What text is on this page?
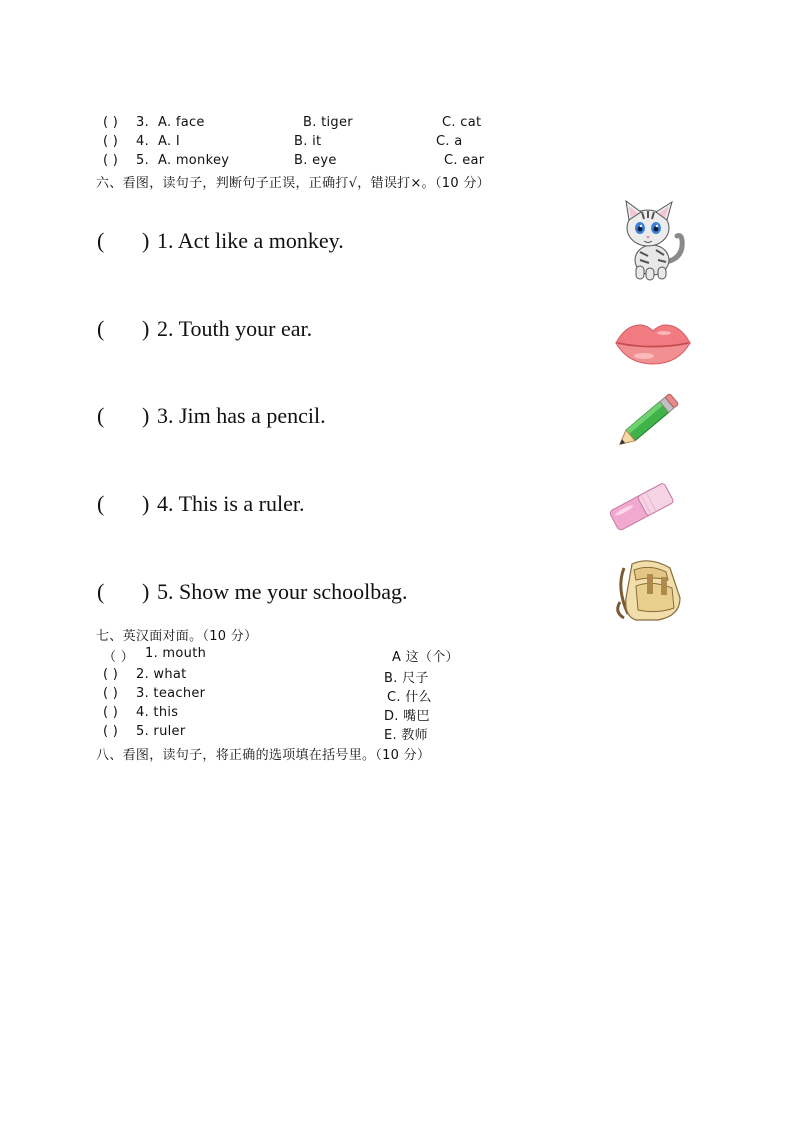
( ) 3. A. face	B. tiger	C. cat
( ) 4. A. I	B. it	C. a
( ) 5. A. monkey	B. eye	C. ear
六、看图，读句子，判断句子正误，正确打√，错误打×。（10 分）
( ) 1. Act like a monkey.
( ) 2. Touth your ear.
( ) 3. Jim has a pencil.
( ) 4. This is a ruler.
( ) 5. Show me your schoolbag.
七、英汉面对面。（10 分）
（ ） 1. mouth	A 这（个）
( ) 2. what	B. 尺子
( ) 3. teacher	C. 什么
( ) 4. this	D. 嘴巴
( ) 5. ruler	E. 教师
八、看图，读句子，将正确的选项填在括号里。（10 分）
